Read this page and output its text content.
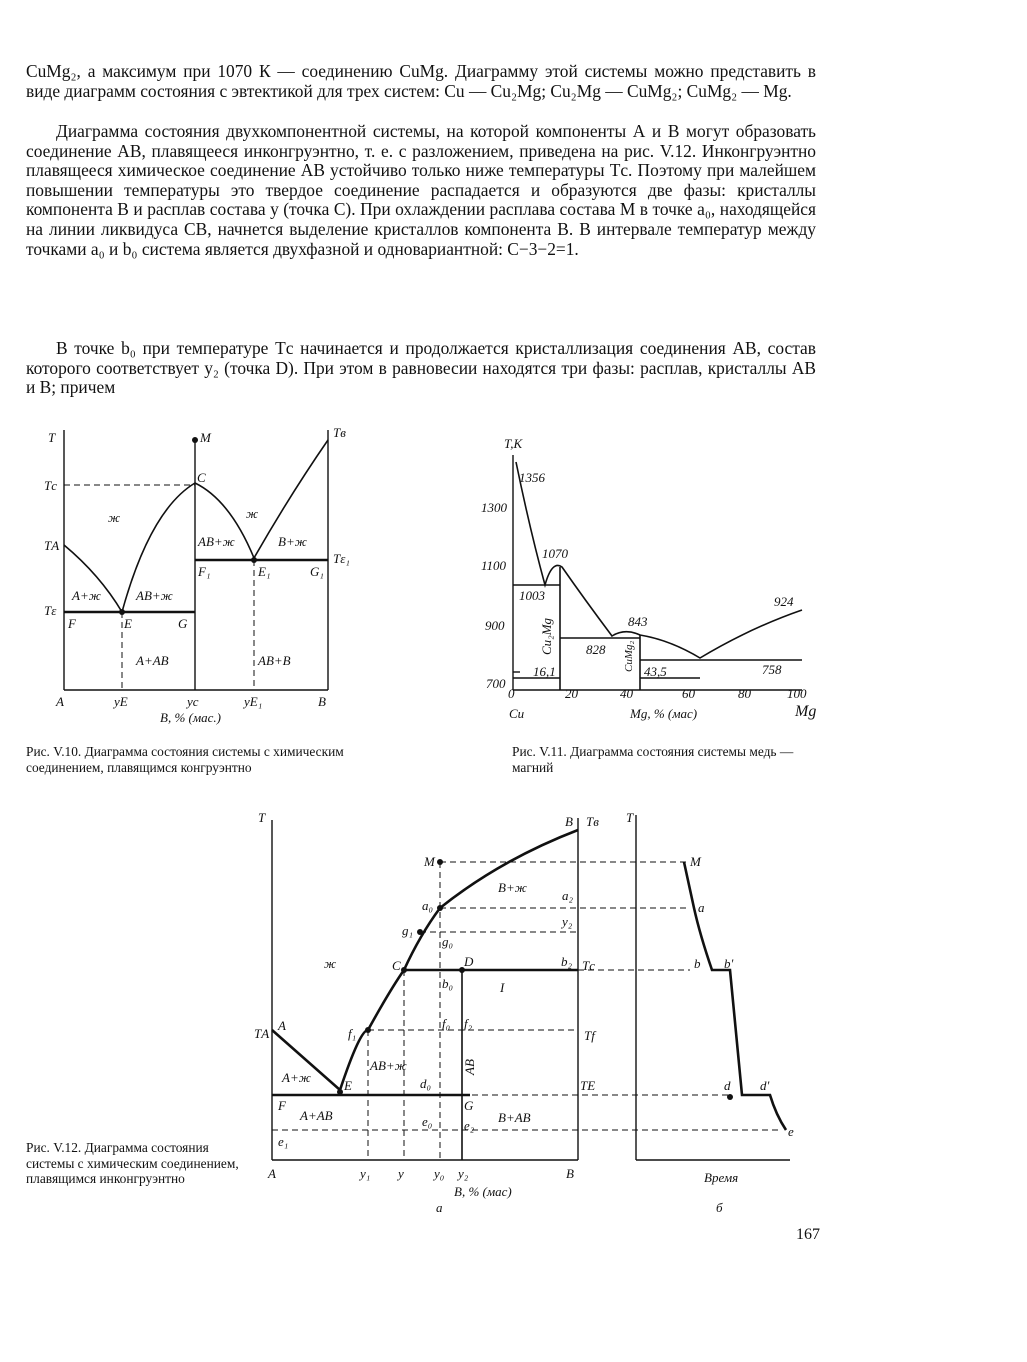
CuMg₂, а максимум при 1070 К — соединению CuMg. Диаграмму этой системы можно представить в виде диаграмм состояния с эвтектикой для трех систем: Cu — Cu₂Mg; Cu₂Mg — CuMg₂; CuMg₂ — Mg.

Диаграмма состояния двухкомпонентной системы, на которой компоненты А и В могут образовать соединение АВ, плавящееся инконгруэнтно, т. е. с разложением, приведена на рис. V.12. Инконгруэнтно плавящееся химическое соединение АВ устойчиво только ниже температуры Tс. Поэтому при малейшем повышении температуры это твердое соединение распадается и образуются две фазы: кристаллы компонента В и расплав состава y (точка C). При охлаждении расплава состава M в точке a₀, находящейся на линии ликвидуса CB, начнется выделение кристаллов компонента В. В интервале температур между точками a₀ и b₀ система является двухфазной и одновариантной: С−3−2=1.

В точке b₀ при температуре Tс начинается и продолжается кристаллизация соединения АВ, состав которого соответствует y₂ (точка D). При этом в равновесии находятся три фазы: расплав, кристаллы АВ и В; причем

T	M	Tв
Tс
TА
Tε
Tε₁
C
ж	ж
АВ+ж	В+ж
А+ж	АВ+ж
F	E	G
F₁	E₁	G₁
А+АВ	АВ+В
А	yE	yc	yE₁	В
В, % (мас.)
T,K
1300
1100
900
700
0	20	40	60	80	100
Cu	Mg, % (мас)	Mg
1356
1070
1003	924
843
828
758
16,1	43,5
Cu₂Mg
CuMg₂
T	В Tв
M
В+ж
a₀
a₂
g₁
g₀
y₂
ж	C	D	b₂ Tс
b₀	I
TА
А
f₁
f₀ f₂
Tf
АВ+ж	АВ
А+ж
E	d₀	TE
F
А+АВ
G
В+АВ
e₀ e₂
e₁
А	y₁ y y₀ y₂	В
В, % (мас)
а
T
M
a
b b'
d d'
e
Время
б
Рис. V.10. Диаграмма состояния системы с химическим соединением, плавящимся конгруэнтно
Рис. V.11. Диаграмма состояния системы медь — магний
Рис. V.12. Диаграмма состояния системы с химическим соединением, плавящимся инконгруэнтно
167
